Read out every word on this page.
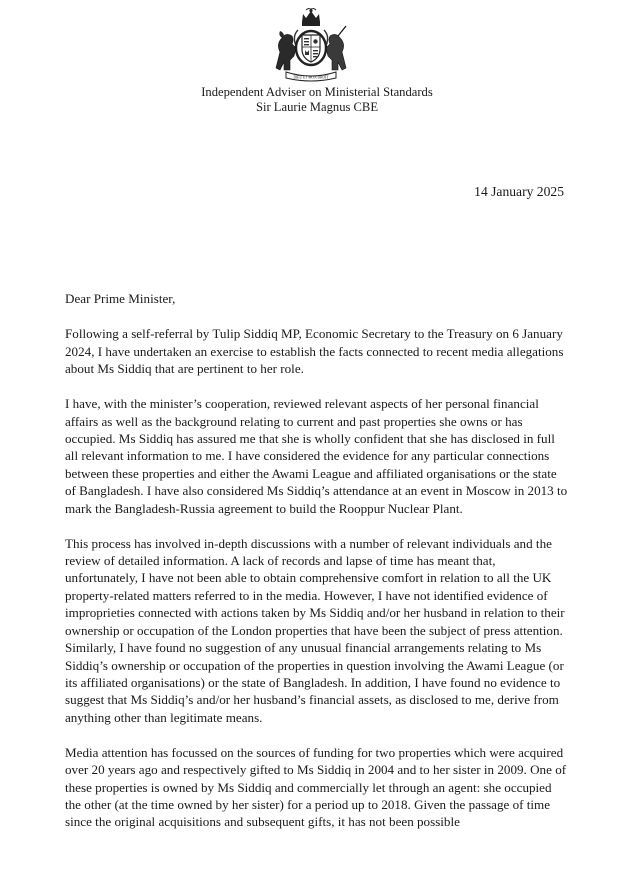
DIEU ET MON DROIT
Independent Adviser on Ministerial Standards
Sir Laurie Magnus CBE
14 January 2025

Dear Prime Minister,

Following a self-referral by Tulip Siddiq MP, Economic Secretary to the Treasury on 6 January 2024, I have undertaken an exercise to establish the facts connected to recent media allegations about Ms Siddiq that are pertinent to her role.

I have, with the minister’s cooperation, reviewed relevant aspects of her personal financial affairs as well as the background relating to current and past properties she owns or has occupied. Ms Siddiq has assured me that she is wholly confident that she has disclosed in full all relevant information to me. I have considered the evidence for any particular connections between these properties and either the Awami League and affiliated organisations or the state of Bangladesh. I have also considered Ms Siddiq’s attendance at an event in Moscow in 2013 to mark the Bangladesh-Russia agreement to build the Rooppur Nuclear Plant.

This process has involved in-depth discussions with a number of relevant individuals and the review of detailed information. A lack of records and lapse of time has meant that, unfortunately, I have not been able to obtain comprehensive comfort in relation to all the UK property-related matters referred to in the media. However, I have not identified evidence of improprieties connected with actions taken by Ms Siddiq and/or her husband in relation to their ownership or occupation of the London properties that have been the subject of press attention. Similarly, I have found no suggestion of any unusual financial arrangements relating to Ms Siddiq’s ownership or occupation of the properties in question involving the Awami League (or its affiliated organisations) or the state of Bangladesh. In addition, I have found no evidence to suggest that Ms Siddiq’s and/or her husband’s financial assets, as disclosed to me, derive from anything other than legitimate means.

Media attention has focussed on the sources of funding for two properties which were acquired over 20 years ago and respectively gifted to Ms Siddiq in 2004 and to her sister in 2009. One of these properties is owned by Ms Siddiq and commercially let through an agent: she occupied the other (at the time owned by her sister) for a period up to 2018. Given the passage of time since the original acquisitions and subsequent gifts, it has not been possible
